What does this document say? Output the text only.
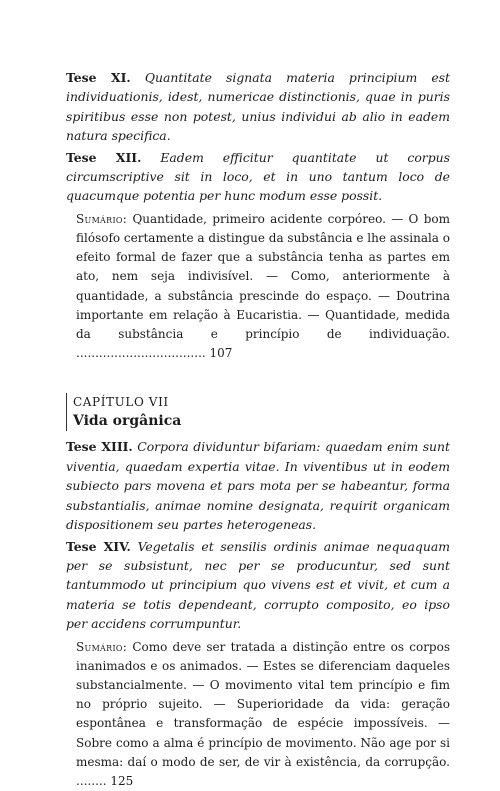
Tese XI. Quantitate signata materia principium est individuationis, idest, numericae distinctionis, quae in puris spiritibus esse non potest, unius individui ab alio in eadem natura specifica.

Tese XII. Eadem efficitur quantitate ut corpus circumscriptive sit in loco, et in uno tantum loco de quacumque potentia per hunc modum esse possit.

Sumário: Quantidade, primeiro acidente corpóreo. — O bom filósofo certamente a distingue da substância e lhe assinala o efeito formal de fazer que a substância tenha as partes em ato, nem seja indivisível. — Como, anteriormente à quantidade, a substância prescinde do espaço. — Doutrina importante em relação à Eucaristia. — Quantidade, medida da substância e princípio de individuação. .................................. 107

CAPÍTULO VII
Vida orgânica

Tese XIII. Corpora dividuntur bifariam: quaedam enim sunt viventia, quaedam expertia vitae. In viventibus ut in eodem subiecto pars movena et pars mota per se habeantur, forma substantialis, animae nomine designata, requirit organicam dispositionem seu partes heterogeneas.

Tese XIV. Vegetalis et sensilis ordinis animae nequaquam per se subsistunt, nec per se producuntur, sed sunt tantummodo ut principium quo vivens est et vivit, et cum a materia se totis dependeant, corrupto composito, eo ipso per accidens corrumpuntur.

Sumário: Como deve ser tratada a distinção entre os corpos inanimados e os animados. — Estes se diferenciam daqueles substancialmente. — O movimento vital tem princípio e fim no próprio sujeito. — Superioridade da vida: geração espontânea e transformação de espécie impossíveis. — Sobre como a alma é princípio de movimento. Não age por si mesma: daí o modo de ser, de vir à existência, da corrupção. ........ 125
